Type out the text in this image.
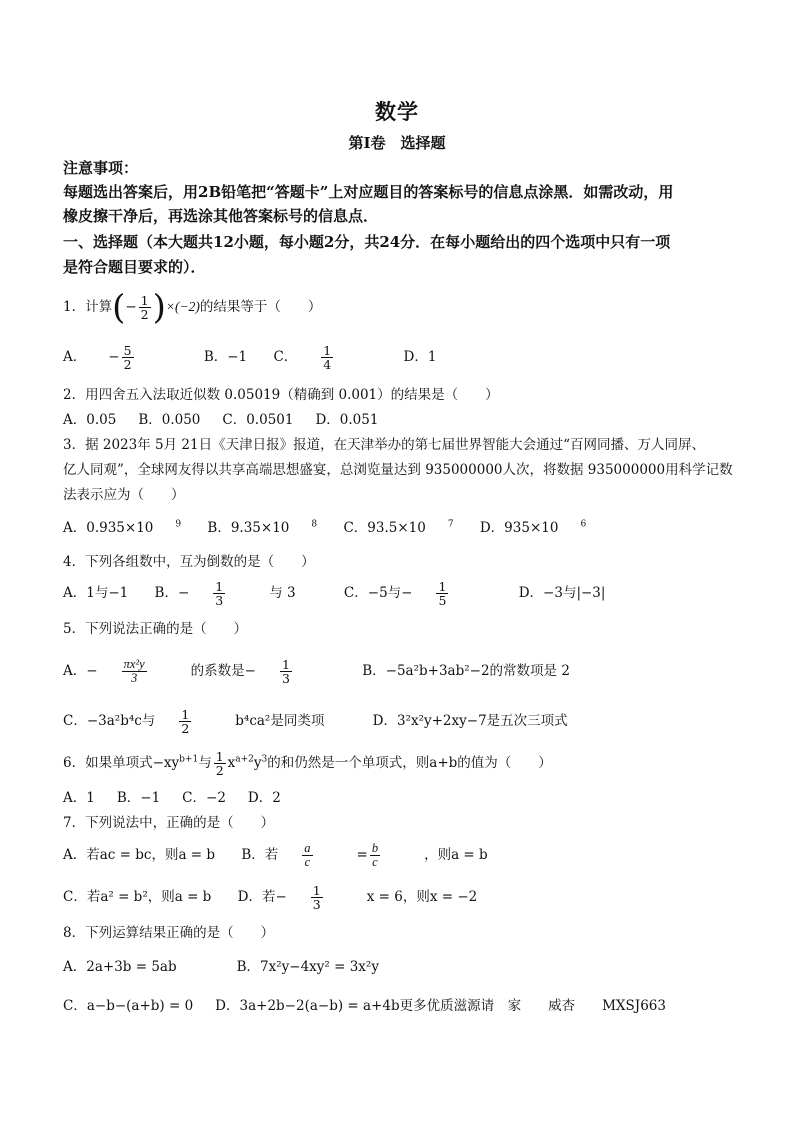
数学
第Ⅰ卷　选择题
注意事项：
每题选出答案后，用2B铅笔把“答题卡”上对应题目的答案标号的信息点涂黑．如需改动，用
橡皮擦干净后，再选涂其他答案标号的信息点．
一、选择题（本大题共12小题，每小题2分，共24分．在每小题给出的四个选项中只有一项
是符合题目要求的）．
1．计算(− $\frac{1}{2} )\times(-2)$的结果等于（　　）
A． − $\frac{5}{2}$	B．−1 C． $\frac{1}{4}$	D．1
2．用四舍五入法取近似数 0.05019（精确到 0.001）的结果是（　　）
A．0.05 B．0.050 C．0.0501 D．0.051
3．据 2023年 5月 21日《天津日报》报道，在天津举办的第七届世界智能大会通过“百网同播、万人同屏、
亿人同观”，全球网友得以共享高端思想盛宴，总浏览量达到 935000000人次，将数据 935000000用科学记数
法表示应为（　　）
A．0.935×10 $^9$ B．9.35×10 $^8$ C．93.5×10 $^7$ D．935×10 $^6$
4．下列各组数中，互为倒数的是（　　）
A．1与−1 B．− $\frac{1}{3}$ 与 3	C．−5与− $\frac{1}{5}$	D．−3与|−3|
5．下列说法正确的是（　　）
A．− $\frac{\text{πx²y}}{3}$ 的系数是− $\frac{1}{3}$	B．−5a²b+3ab²−2的常数项是 2
C．−3a²b⁴c与 $\frac{1}{2} b^4ca^2$是同类项	D．3²x²y+2xy−7是五次三项式
6．如果单项式$-xy^{b+1}$与 $\frac{1}{2} x^{a+2}y^3$的和仍然是一个单项式，则a+b的值为（　　）
A．1 B．−1 C．−2 D．2
7．下列说法中，正确的是（　　）
A．若ac = bc，则a = b B．若 $\frac{a}{c} = \frac{b}{c}$ ，则a = b
C．若a² = b²，则a = b D．若− $\frac{1}{3}$ x = 6，则x = −2
8．下列运算结果正确的是（　　）
A．2a+3b = 5ab	B．7x²y−4xy² = 3x²y
C．a−b−(a+b) = 0 D．3a+2b−2(a−b) = a+4b更多优质滋源请　家　　威杏　　MXSJ663
